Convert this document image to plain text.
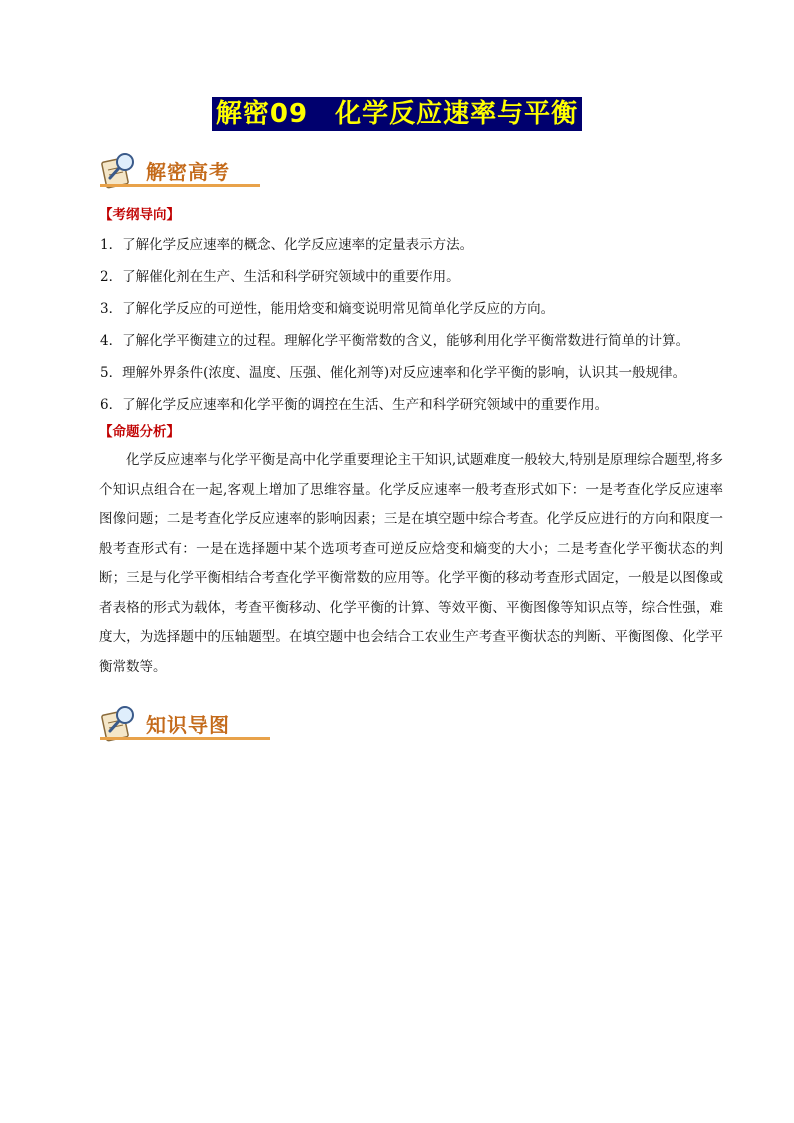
解密09　化学反应速率与平衡
解密高考
【考纲导向】
1．了解化学反应速率的概念、化学反应速率的定量表示方法。
2．了解催化剂在生产、生活和科学研究领域中的重要作用。
3．了解化学反应的可逆性，能用焓变和熵变说明常见简单化学反应的方向。
4．了解化学平衡建立的过程。理解化学平衡常数的含义，能够利用化学平衡常数进行简单的计算。
5．理解外界条件(浓度、温度、压强、催化剂等)对反应速率和化学平衡的影响，认识其一般规律。
6．了解化学反应速率和化学平衡的调控在生活、生产和科学研究领域中的重要作用。
【命题分析】
化学反应速率与化学平衡是高中化学重要理论主干知识,试题难度一般较大,特别是原理综合题型,将多个知识点组合在一起,客观上增加了思维容量。化学反应速率一般考查形式如下：一是考查化学反应速率图像问题；二是考查化学反应速率的影响因素；三是在填空题中综合考查。化学反应进行的方向和限度一般考查形式有：一是在选择题中某个选项考查可逆反应焓变和熵变的大小；二是考查化学平衡状态的判断；三是与化学平衡相结合考查化学平衡常数的应用等。化学平衡的移动考查形式固定，一般是以图像或者表格的形式为载体，考查平衡移动、化学平衡的计算、等效平衡、平衡图像等知识点等，综合性强，难度大，为选择题中的压轴题型。在填空题中也会结合工农业生产考查平衡状态的判断、平衡图像、化学平衡常数等。
知识导图
